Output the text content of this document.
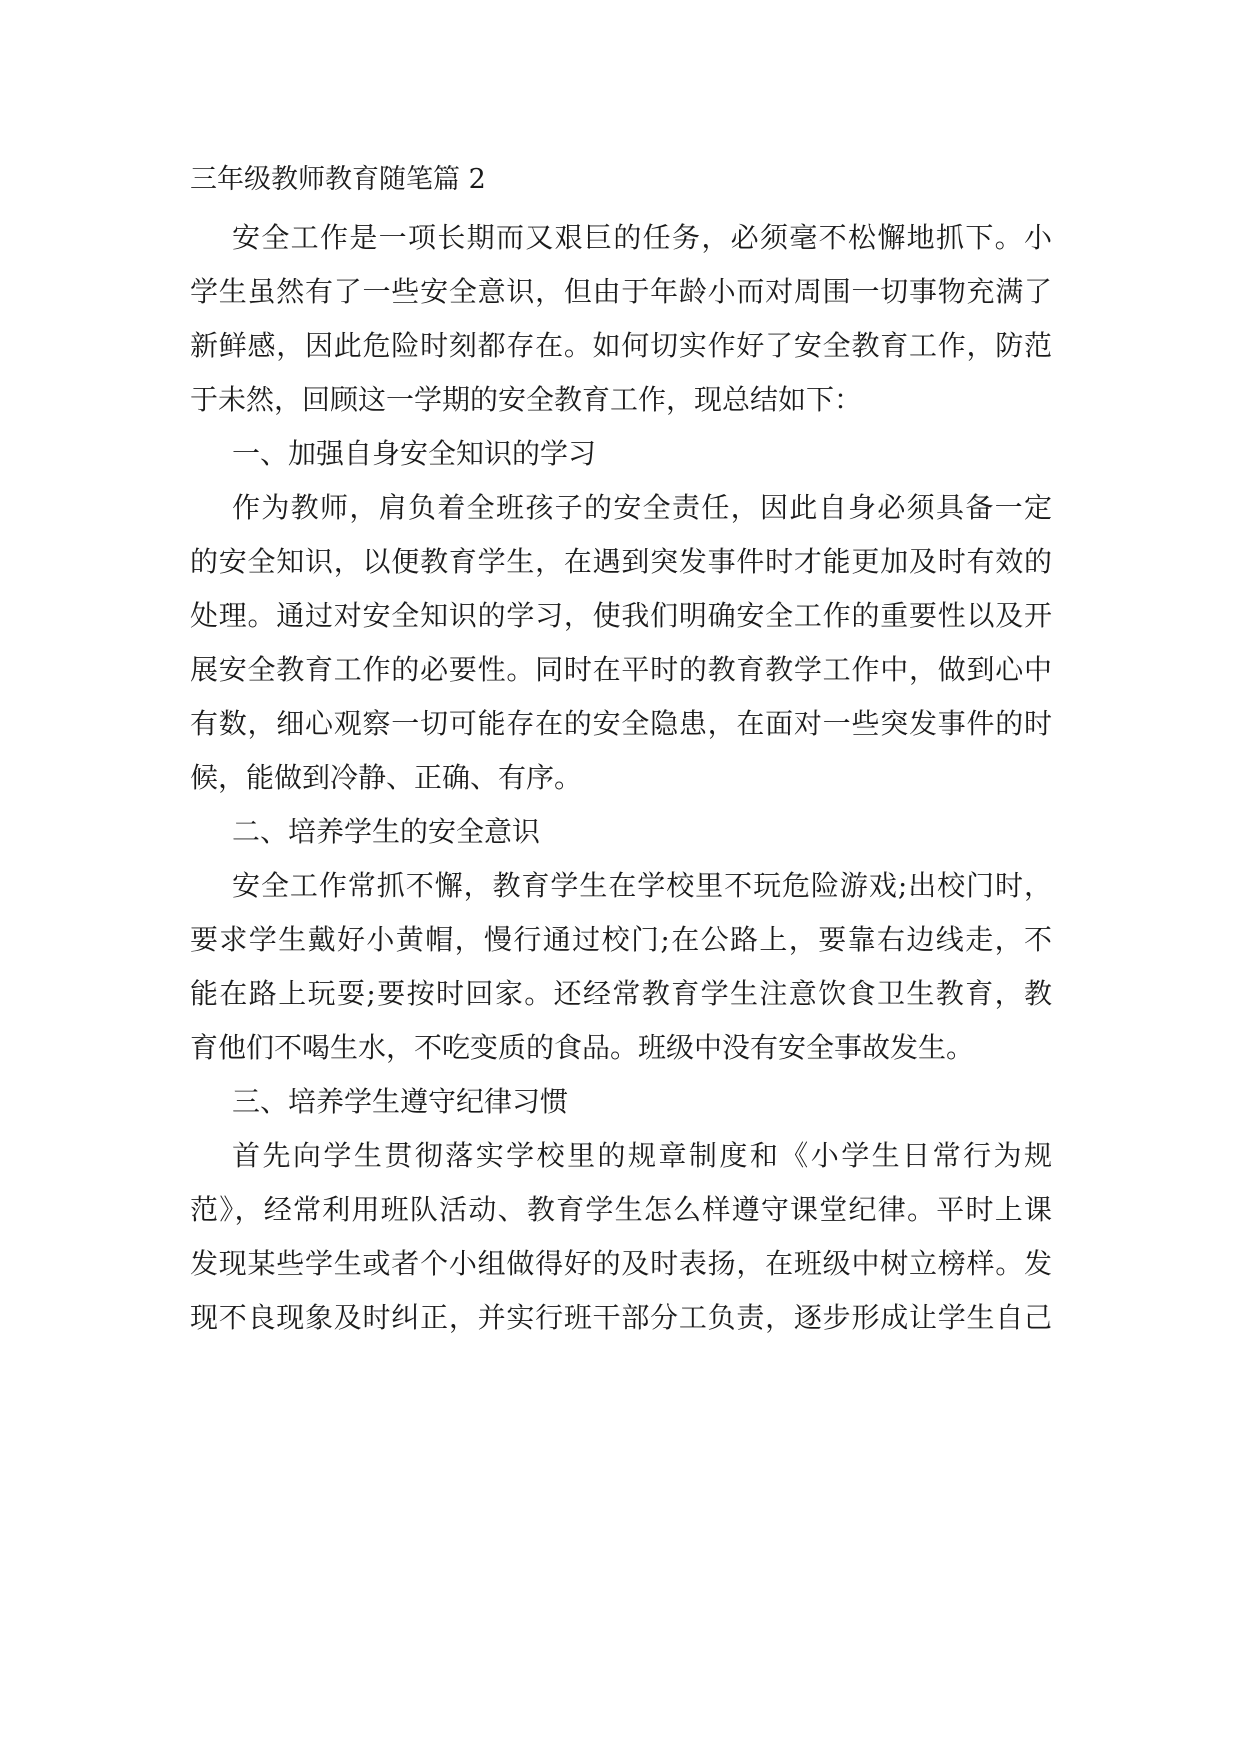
三年级教师教育随笔篇 2

安全工作是一项长期而又艰巨的任务，必须毫不松懈地抓下。小

学生虽然有了一些安全意识，但由于年龄小而对周围一切事物充满了

新鲜感，因此危险时刻都存在。如何切实作好了安全教育工作，防范

于未然，回顾这一学期的安全教育工作，现总结如下：

一、加强自身安全知识的学习

作为教师，肩负着全班孩子的安全责任，因此自身必须具备一定

的安全知识，以便教育学生，在遇到突发事件时才能更加及时有效的

处理。通过对安全知识的学习，使我们明确安全工作的重要性以及开

展安全教育工作的必要性。同时在平时的教育教学工作中，做到心中

有数，细心观察一切可能存在的安全隐患，在面对一些突发事件的时

候，能做到冷静、正确、有序。

二、培养学生的安全意识

安全工作常抓不懈，教育学生在学校里不玩危险游戏;出校门时，

要求学生戴好小黄帽，慢行通过校门;在公路上，要靠右边线走，不

能在路上玩耍;要按时回家。还经常教育学生注意饮食卫生教育，教

育他们不喝生水，不吃变质的食品。班级中没有安全事故发生。

三、培养学生遵守纪律习惯

首先向学生贯彻落实学校里的规章制度和《小学生日常行为规

范》，经常利用班队活动、教育学生怎么样遵守课堂纪律。平时上课

发现某些学生或者个小组做得好的及时表扬，在班级中树立榜样。发

现不良现象及时纠正，并实行班干部分工负责，逐步形成让学生自己
